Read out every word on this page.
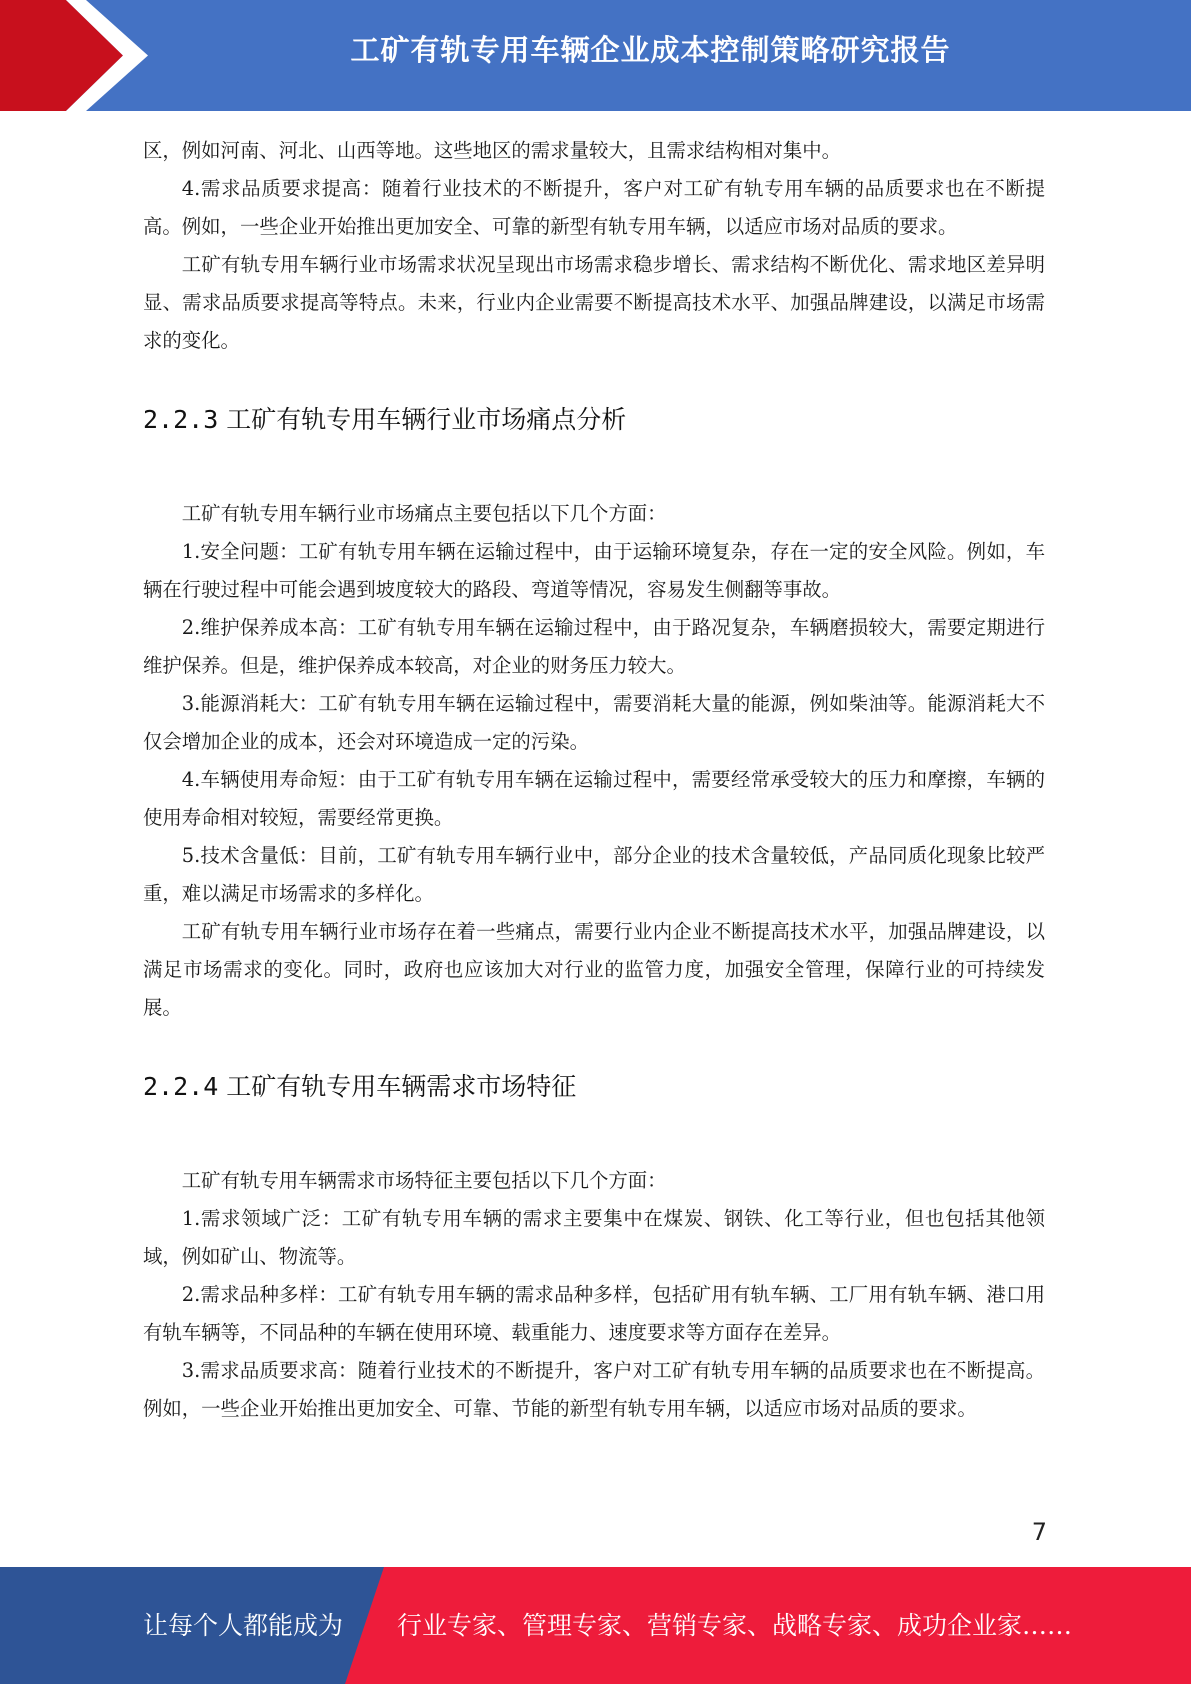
工矿有轨专用车辆企业成本控制策略研究报告

区，例如河南、河北、山西等地。这些地区的需求量较大，且需求结构相对集中。

4.需求品质要求提高：随着行业技术的不断提升，客户对工矿有轨专用车辆的品质要求也在不断提高。例如，一些企业开始推出更加安全、可靠的新型有轨专用车辆，以适应市场对品质的要求。

工矿有轨专用车辆行业市场需求状况呈现出市场需求稳步增长、需求结构不断优化、需求地区差异明显、需求品质要求提高等特点。未来，行业内企业需要不断提高技术水平、加强品牌建设，以满足市场需求的变化。

2.2.3 工矿有轨专用车辆行业市场痛点分析

工矿有轨专用车辆行业市场痛点主要包括以下几个方面：

1.安全问题：工矿有轨专用车辆在运输过程中，由于运输环境复杂，存在一定的安全风险。例如，车辆在行驶过程中可能会遇到坡度较大的路段、弯道等情况，容易发生侧翻等事故。

2.维护保养成本高：工矿有轨专用车辆在运输过程中，由于路况复杂，车辆磨损较大，需要定期进行维护保养。但是，维护保养成本较高，对企业的财务压力较大。

3.能源消耗大：工矿有轨专用车辆在运输过程中，需要消耗大量的能源，例如柴油等。能源消耗大不仅会增加企业的成本，还会对环境造成一定的污染。

4.车辆使用寿命短：由于工矿有轨专用车辆在运输过程中，需要经常承受较大的压力和摩擦，车辆的使用寿命相对较短，需要经常更换。

5.技术含量低：目前，工矿有轨专用车辆行业中，部分企业的技术含量较低，产品同质化现象比较严重，难以满足市场需求的多样化。

工矿有轨专用车辆行业市场存在着一些痛点，需要行业内企业不断提高技术水平，加强品牌建设，以满足市场需求的变化。同时，政府也应该加大对行业的监管力度，加强安全管理，保障行业的可持续发展。

2.2.4 工矿有轨专用车辆需求市场特征

工矿有轨专用车辆需求市场特征主要包括以下几个方面：

1.需求领域广泛：工矿有轨专用车辆的需求主要集中在煤炭、钢铁、化工等行业，但也包括其他领域，例如矿山、物流等。

2.需求品种多样：工矿有轨专用车辆的需求品种多样，包括矿用有轨车辆、工厂用有轨车辆、港口用有轨车辆等，不同品种的车辆在使用环境、载重能力、速度要求等方面存在差异。

3.需求品质要求高：随着行业技术的不断提升，客户对工矿有轨专用车辆的品质要求也在不断提高。例如，一些企业开始推出更加安全、可靠、节能的新型有轨专用车辆，以适应市场对品质的要求。

7
让每个人都能成为 行业专家、管理专家、营销专家、战略专家、成功企业家……
